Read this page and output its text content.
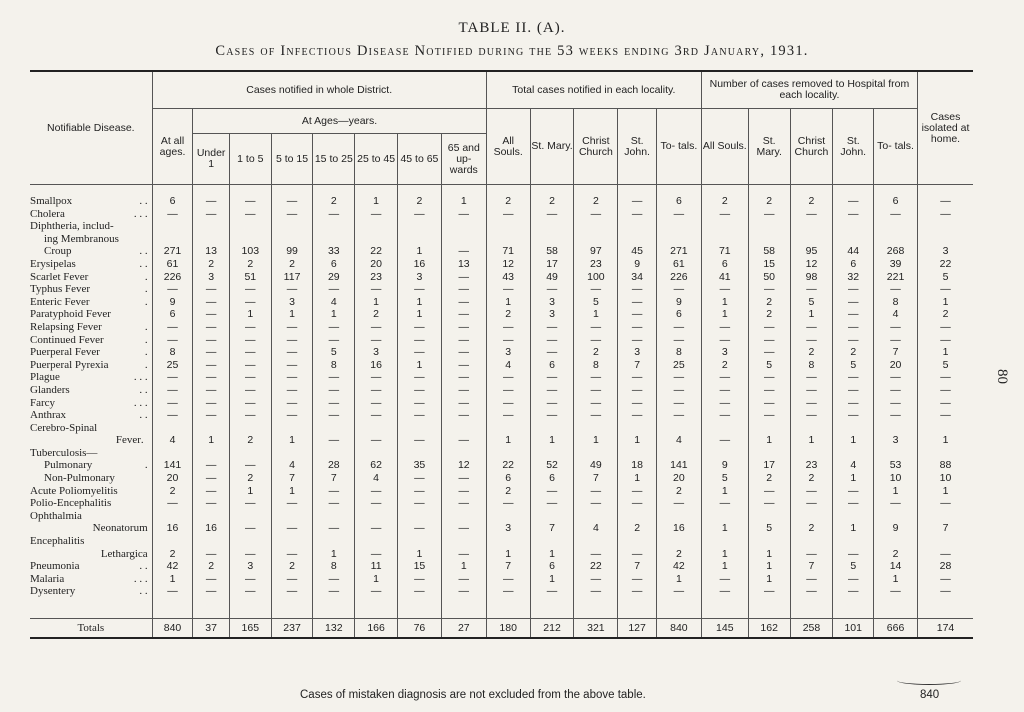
TABLE II. (A).
Cases of Infectious Disease Notified during the 53 weeks ending 3rd January, 1931.
80
Notifiable Disease.	Cases notified in whole District.								Total cases notified in each locality.					Number of cases removed to Hospital from each locality.					Cases isolated at home.
	At all ages.	At Ages—years.							All Souls.	St. Mary.	Christ Church	St. John.	To- tals.	All Souls.	St. Mary.	Christ Church	St. John.	To- tals.	
		Under 1	1 to 5	5 to 15	15 to 25	25 to 45	45 to 65	65 and up- wards											

Smallpox . .	6	—	—	—	2	1	2	1	2	2	2	—	6	2	2	2	—	6	—
Cholera . . .	—	—	—	—	—	—	—	—	—	—	—	—	—	—	—	—	—	—	—
Diphtheria, includ-																			
ing Membranous																			
Croup . .	271	13	103	99	33	22	1	—	71	58	97	45	271	71	58	95	44	268	3
Erysipelas . .	61	2	2	2	6	20	16	13	12	17	23	9	61	6	15	12	6	39	22
Scarlet Fever .	226	3	51	117	29	23	3	—	43	49	100	34	226	41	50	98	32	221	5
Typhus Fever .	—	—	—	—	—	—	—	—	—	—	—	—	—	—	—	—	—	—	—
Enteric Fever .	9	—	—	3	4	1	1	—	1	3	5	—	9	1	2	5	—	8	1
Paratyphoid Fever	6	—	1	1	1	2	1	—	2	3	1	—	6	1	2	1	—	4	2
Relapsing Fever .	—	—	—	—	—	—	—	—	—	—	—	—	—	—	—	—	—	—	—
Continued Fever .	—	—	—	—	—	—	—	—	—	—	—	—	—	—	—	—	—	—	—
Puerperal Fever .	8	—	—	—	5	3	—	—	3	—	2	3	8	3	—	2	2	7	1
Puerperal Pyrexia .	25	—	—	—	8	16	1	—	4	6	8	7	25	2	5	8	5	20	5
Plague . . .	—	—	—	—	—	—	—	—	—	—	—	—	—	—	—	—	—	—	—
Glanders . .	—	—	—	—	—	—	—	—	—	—	—	—	—	—	—	—	—	—	—
Farcy . . .	—	—	—	—	—	—	—	—	—	—	—	—	—	—	—	—	—	—	—
Anthrax . .	—	—	—	—	—	—	—	—	—	—	—	—	—	—	—	—	—	—	—
Cerebro-Spinal																			
Fever .	4	1	2	1	—	—	—	—	1	1	1	1	4	—	1	1	1	3	1
Tuberculosis—																			
Pulmonary .	141	—	—	4	28	62	35	12	22	52	49	18	141	9	17	23	4	53	88
Non-Pulmonary	20	—	2	7	7	4	—	—	6	6	7	1	20	5	2	2	1	10	10
Acute Poliomyelitis	2	—	1	1	—	—	—	—	2	—	—	—	2	1	—	—	—	1	1
Polio-Encephalitis	—	—	—	—	—	—	—	—	—	—	—	—	—	—	—	—	—	—	—
Ophthalmia																			
Neonatorum	16	16	—	—	—	—	—	—	3	7	4	2	16	1	5	2	1	9	7
Encephalitis																			
Lethargica	2	—	—	—	1	—	1	—	1	1	—	—	2	1	1	—	—	2	—
Pneumonia . .	42	2	3	2	8	11	15	1	7	6	22	7	42	1	1	7	5	14	28
Malaria . . .	1	—	—	—	—	1	—	—	—	1	—	—	1	—	1	—	—	1	—
Dysentery . .	—	—	—	—	—	—	—	—	—	—	—	—	—	—	—	—	—	—	—

Totals	840	37	165	237	132	166	76	27	180	212	321	127	840	145	162	258	101	666	174
Cases of mistaken diagnosis are not excluded from the above table.	840
